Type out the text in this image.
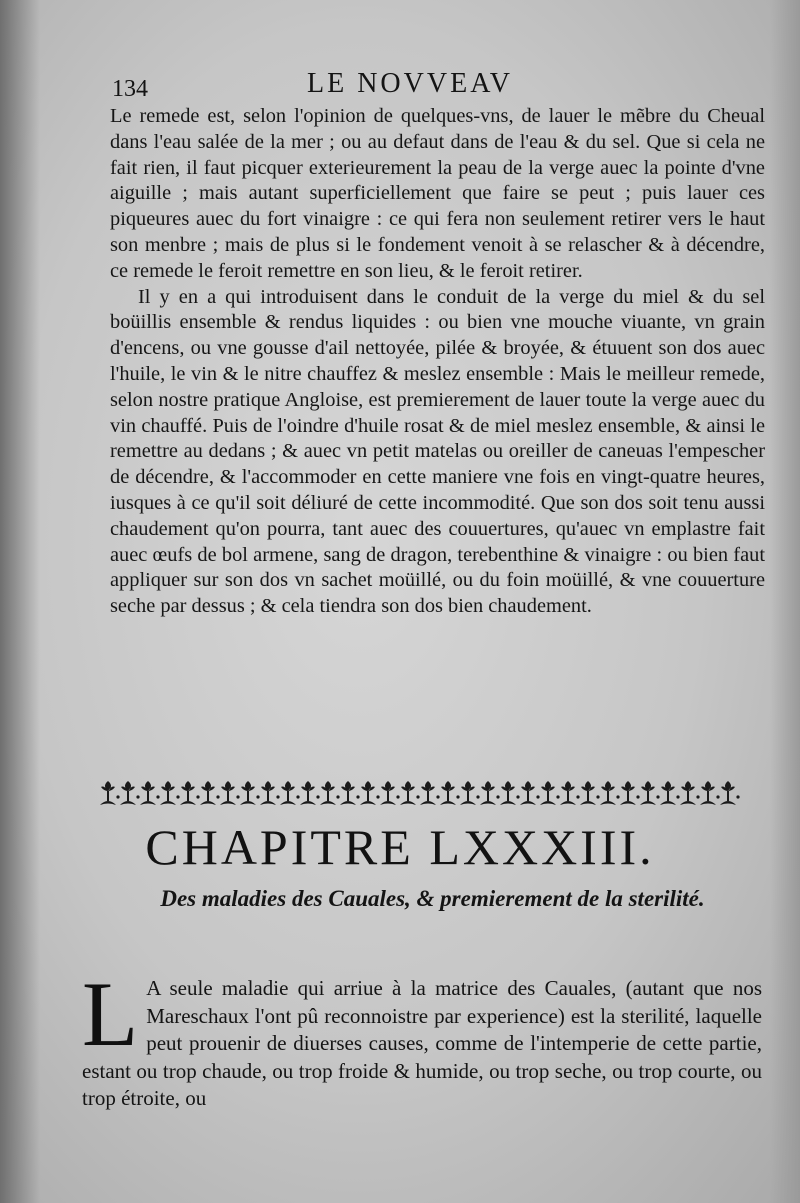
134	LE NOVVEAV

Le remede est, selon l'opinion de quelques-vns, de lauer le mẽbre du Cheual dans l'eau salée de la mer ; ou au defaut dans de l'eau & du sel. Que si cela ne fait rien, il faut picquer exterieurement la peau de la verge auec la pointe d'vne aiguille ; mais autant superficiellement que faire se peut ; puis lauer ces piqueures auec du fort vinaigre : ce qui fera non seulement retirer vers le haut son menbre ; mais de plus si le fondement venoit à se relascher & à décendre, ce remede le feroit remettre en son lieu, & le feroit retirer.

Il y en a qui introduisent dans le conduit de la verge du miel & du sel boüillis ensemble & rendus liquides : ou bien vne mouche viuante, vn grain d'encens, ou vne gousse d'ail nettoyée, pilée & broyée, & étuuent son dos auec l'huile, le vin & le nitre chauffez & meslez ensemble : Mais le meilleur remede, selon nostre pratique Angloise, est premierement de lauer toute la verge auec du vin chauffé. Puis de l'oindre d'huile rosat & de miel meslez ensemble, & ainsi le remettre au dedans ; & auec vn petit matelas ou oreiller de caneuas l'empescher de décendre, & l'accommoder en cette maniere vne fois en vingt-quatre heures, iusques à ce qu'il soit déliuré de cette incommodité. Que son dos soit tenu aussi chaudement qu'on pourra, tant auec des couuertures, qu'auec vn emplastre fait auec œufs de bol armene, sang de dragon, terebenthine & vinaigre : ou bien faut appliquer sur son dos vn sachet moüillé, ou du foin moüillé, & vne couuerture seche par dessus ; & cela tiendra son dos bien chaudement.

CHAPITRE LXXXIII.
Des maladies des Cauales, & premierement de la sterilité.
L A seule maladie qui arriue à la matrice des Cauales, (autant que nos Mareschaux l'ont pû reconnoistre par experience) est la sterilité, laquelle peut prouenir de diuerses causes, comme de l'intemperie de cette partie, estant ou trop chaude, ou trop froide & humide, ou trop seche, ou trop courte, ou trop étroite, ou
